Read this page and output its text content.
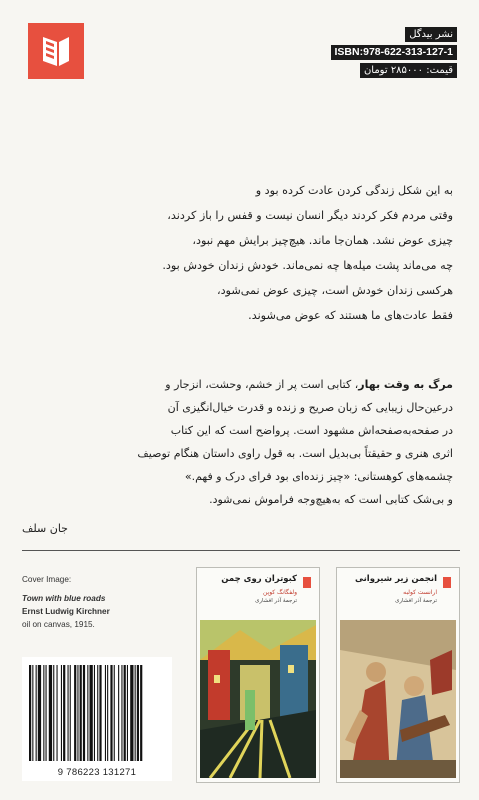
نشر بیدگل
ISBN:978-622-313-127-1
قیمت: ۲۸۵۰۰۰ تومان
به این شکل زندگی کردن عادت کرده بود و
وقتی مردم فکر کردند دیگر انسان نیست و قفس را باز کردند،
چیزی عوض نشد. همان‌جا ماند. هیچ‌چیز برایش مهم نبود،
چه می‌ماند پشت میله‌ها چه نمی‌ماند. خودش زندان خودش بود.
هرکسی زندان خودش است، چیزی عوض نمی‌شود،
فقط عادت‌های ما هستند که عوض می‌شوند.
مرگ به وقت بهار، کتابی است پر از خشم، وحشت، انزجار و
درعین‌حال زیبایی که زبان صریح و زنده و قدرت خیال‌انگیزی آن
در صفحه‌به‌صفحه‌اش مشهود است. پرواضح است که این کتاب
اثری هنری و حقیقتاً بی‌بدیل است. به قول راوی داستان هنگام توصیف
چشمه‌های کوهستانی: «چیز زنده‌ای بود فرای درک و فهم.»
و بی‌شک کتابی است که به‌هیچ‌وجه فراموش نمی‌شود.
جان سلف
Cover Image:
Town with blue roads
Ernst Ludwig Kirchner
oil on canvas, 1915.
9 786223 131271
کبوتران روی چمن
ولفگانگ کوپن
ترجمهٔ آذر افشاری
انجمن زیر شیروانی
ارانست کولبه
ترجمهٔ آذر افشاری
